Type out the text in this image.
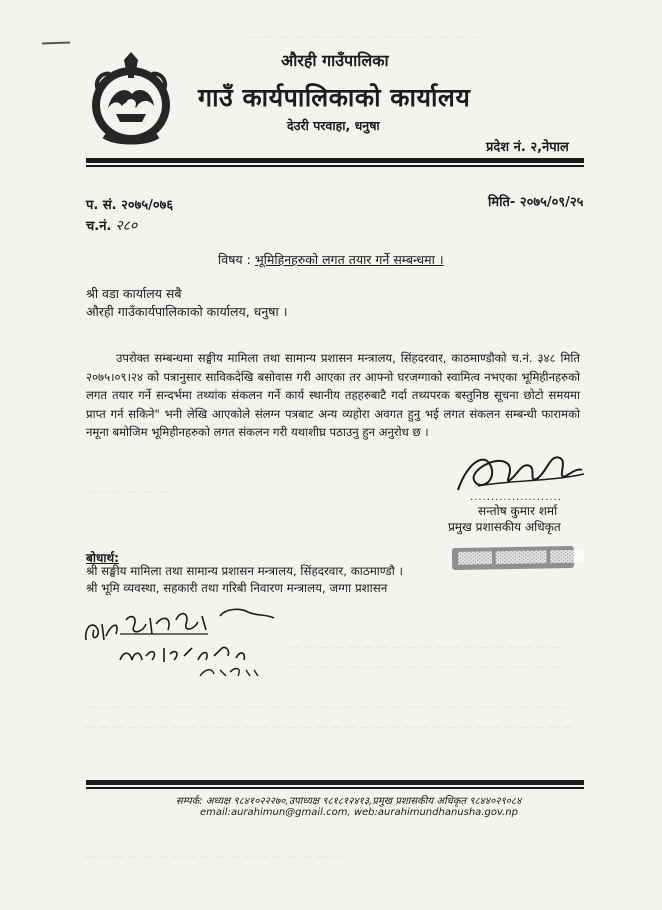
— — — — — — — — — — — — — — — —
— — — — — —
— — — — — — — — — — — — — — — — — — —
— — — — — — — — — — — — — — — — — — —
— — — — — — — — — — — — — — — — — — — — — — — — — — — — — — — — — —
— — — — — — — — — — — — — — — — — — — — — — — — — — — — — — — — — —
— — — — — — — — — — — — — — — — — —
औरही गाउँपालिका
गाउँ कार्यपालिकाको कार्यालय
देउरी परवाहा, धनुषा
प्रदेश नं. २,नेपाल
प. सं. २०७५/०७६	मिति- २०७५/०९/२५
च.नं. २८०
विषय : भूमिहिनहरुको लगत तयार गर्ने सम्बन्धमा ।
श्री वडा कार्यालय सबै
औरही गाउँकार्यपालिकाको कार्यालय, धनुषा ।

उपरोक्त सम्बन्धमा सङ्घीय मामिला तथा सामान्य प्रशासन मन्त्रालय, सिंहदरवार, काठमाण्डौको च.नं. ३४८ मिति २०७५।०९।२४ को पत्रानुसार साविकदेखि बसोवास गरी आएका तर आफ्नो घरजग्गाको स्वामित्व नभएका भूमिहीनहरुको लगत तयार गर्ने सन्दर्भमा तथ्यांक संकलन गर्ने कार्य स्थानीय तहहरुबाटै गर्दा तथ्यपरक बस्तुनिष्ठ सूचना छोटो समयमा प्राप्त गर्न सकिने" भनी लेखि आएकोले संलग्न पत्रबाट अन्य व्यहोरा अवगत हुनु भई लगत संकलन सम्बन्धी फारामको नमूना बमोजिम भूमिहीनहरुको लगत संकलन गरी यथाशीघ्र पठाउनु हुन अनुरोध छ ।

......................
सन्तोष कुमार शर्मा
प्रमुख प्रशासकीय अधिकृत
बोधार्थ:
श्री सङ्घीय मामिला तथा सामान्य प्रशासन मन्त्रालय, सिंहदरवार, काठमाण्डौ ।
श्री भूमि व्यवस्था, सहकारी तथा गरिबी निवारण मन्त्रालय, जग्गा प्रशासन
▓▓▓▓ ▓▓▓▓▓▓ ▓▓▓▓
सम्पर्क: अध्यक्ष ९८४१०२२२७०,उपाध्यक्ष ९८१८१२४१३,प्रमुख प्रशासकीय अधिकृत ९८४४०२९०८४
email:aurahimun@gmail.com, web:aurahimundhanusha.gov.np
